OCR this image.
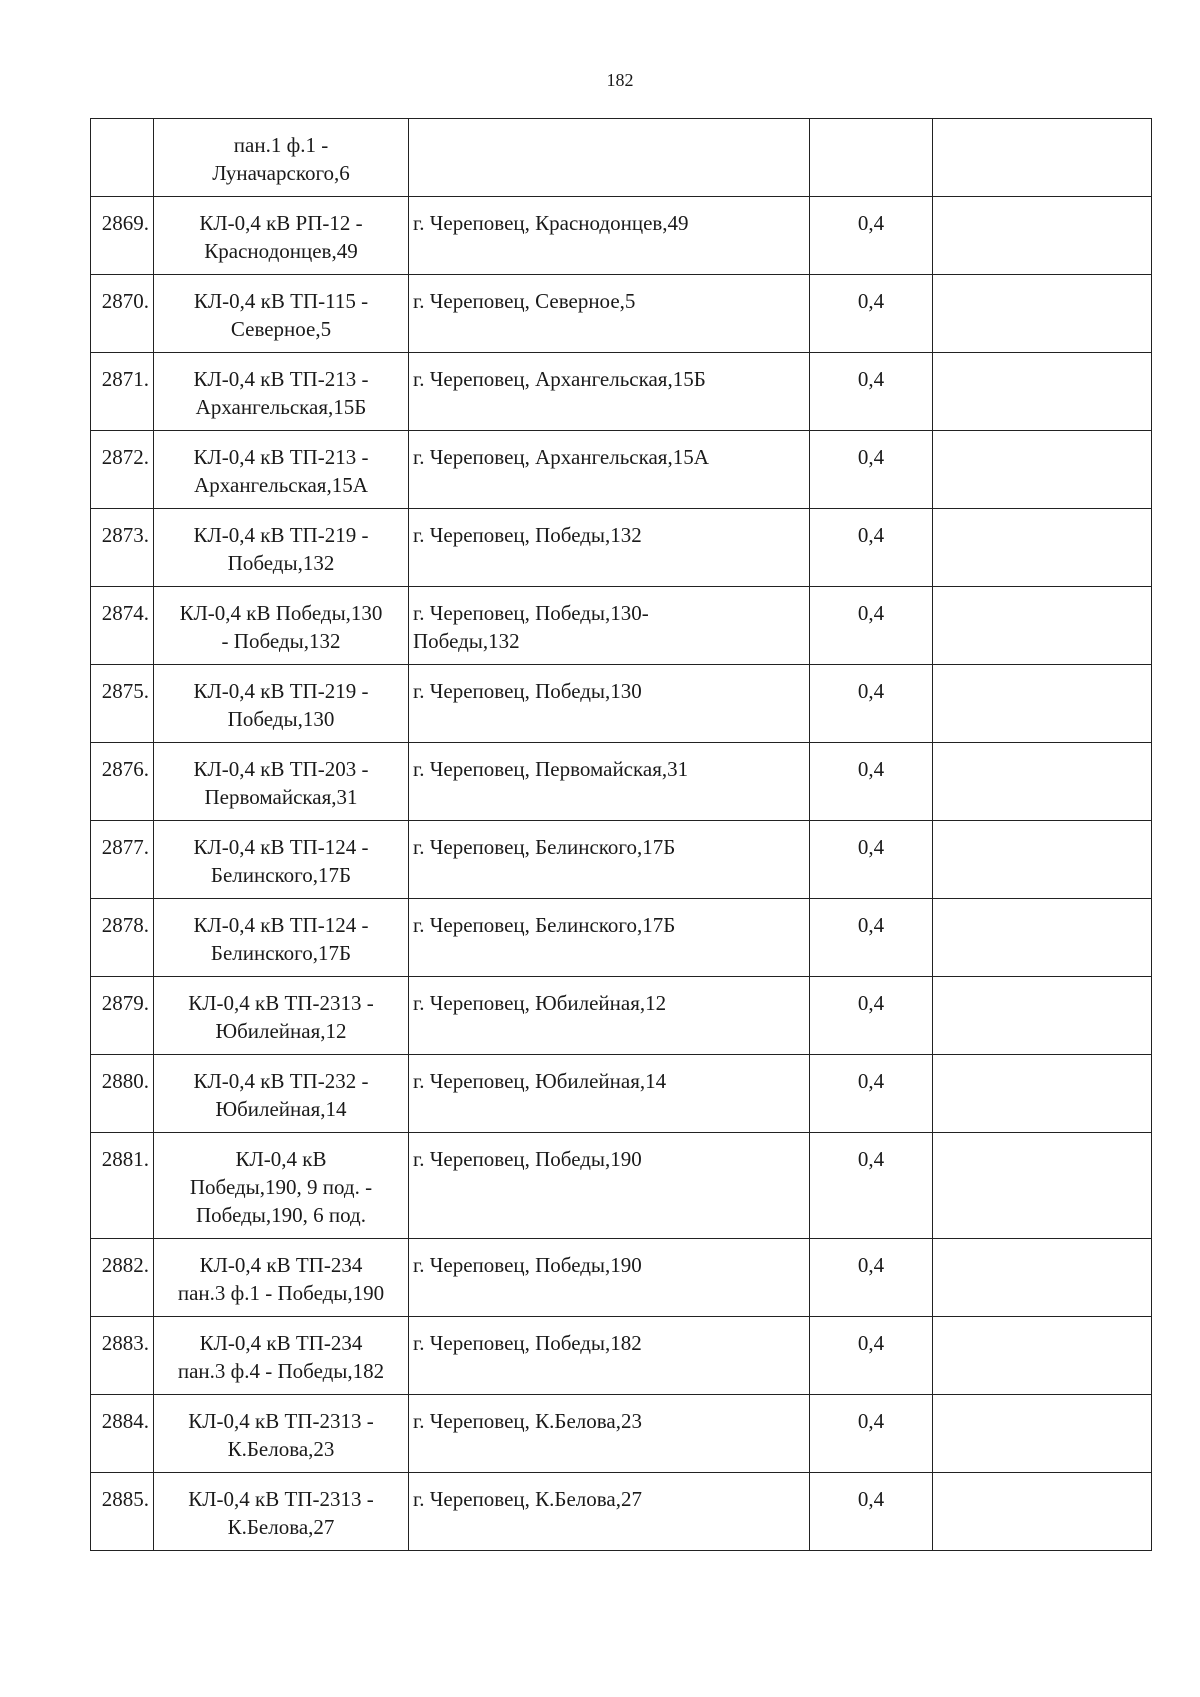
182

	пан.1 ф.1 -
Луначарского,6			

2869.	КЛ-0,4 кВ РП-12 -
Краснодонцев,49	г. Череповец, Краснодонцев,49	0,4	
2870.	КЛ-0,4 кВ ТП-115 -
Северное,5	г. Череповец, Северное,5	0,4	
2871.	КЛ-0,4 кВ ТП-213 -
Архангельская,15Б	г. Череповец, Архангельская,15Б	0,4	
2872.	КЛ-0,4 кВ ТП-213 -
Архангельская,15А	г. Череповец, Архангельская,15А	0,4	
2873.	КЛ-0,4 кВ ТП-219 -
Победы,132	г. Череповец, Победы,132	0,4	
2874.	КЛ-0,4 кВ Победы,130
- Победы,132	г. Череповец, Победы,130-
Победы,132	0,4	
2875.	КЛ-0,4 кВ ТП-219 -
Победы,130	г. Череповец, Победы,130	0,4	
2876.	КЛ-0,4 кВ ТП-203 -
Первомайская,31	г. Череповец, Первомайская,31	0,4	
2877.	КЛ-0,4 кВ ТП-124 -
Белинского,17Б	г. Череповец, Белинского,17Б	0,4	
2878.	КЛ-0,4 кВ ТП-124 -
Белинского,17Б	г. Череповец, Белинского,17Б	0,4	
2879.	КЛ-0,4 кВ ТП-2313 -
Юбилейная,12	г. Череповец, Юбилейная,12	0,4	
2880.	КЛ-0,4 кВ ТП-232 -
Юбилейная,14	г. Череповец, Юбилейная,14	0,4	
2881.	КЛ-0,4 кВ
Победы,190, 9 под. -
Победы,190, 6 под.	г. Череповец, Победы,190	0,4	
2882.	КЛ-0,4 кВ ТП-234
пан.3 ф.1 - Победы,190	г. Череповец, Победы,190	0,4	
2883.	КЛ-0,4 кВ ТП-234
пан.3 ф.4 - Победы,182	г. Череповец, Победы,182	0,4	
2884.	КЛ-0,4 кВ ТП-2313 -
К.Белова,23	г. Череповец, К.Белова,23	0,4	
2885.	КЛ-0,4 кВ ТП-2313 -
К.Белова,27	г. Череповец, К.Белова,27	0,4	
